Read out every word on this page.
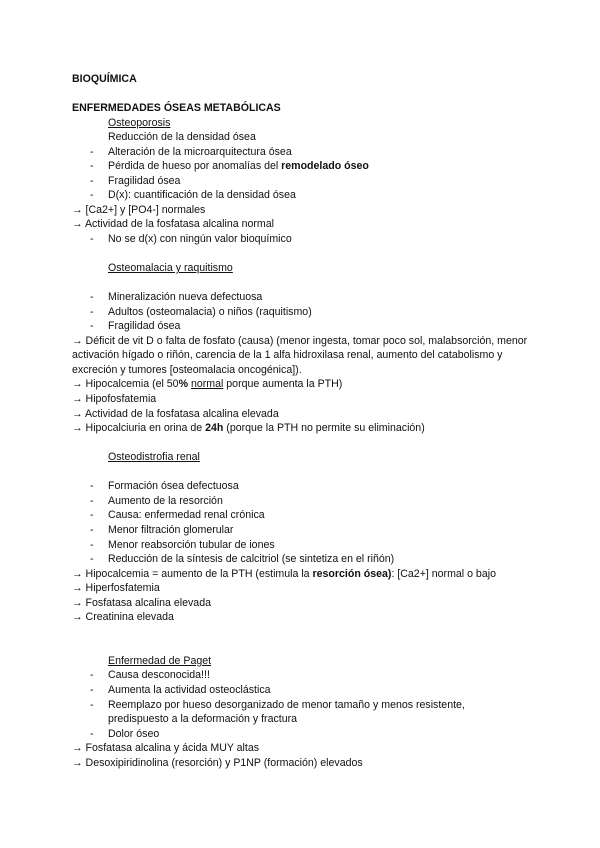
BIOQUÍMICA

ENFERMEDADES ÓSEAS METABÓLICAS

Osteoporosis

Reducción de la densidad ósea

- Alteración de la microarquitectura ósea

- Pérdida de hueso por anomalías del remodelado óseo

- Fragilidad ósea

- D(x): cuantificación de la densidad ósea

→ [Ca2+] y [PO4-] normales

→ Actividad de la fosfatasa alcalina normal

- No se d(x) con ningún valor bioquímico

Osteomalacia y raquitismo

- Mineralización nueva defectuosa

- Adultos (osteomalacia) o niños (raquitismo)

- Fragilidad ósea

→ Déficit de vit D o falta de fosfato (causa) (menor ingesta, tomar poco sol, malabsorción, menor activación hígado o riñón, carencia de la 1 alfa hidroxilasa renal, aumento del catabolismo y excreción y tumores [osteomalacia oncogénica]).

→ Hipocalcemia (el 50% normal porque aumenta la PTH)

→ Hipofosfatemia

→ Actividad de la fosfatasa alcalina elevada

→ Hipocalciuria en orina de 24h (porque la PTH no permite su eliminación)

Osteodistrofia renal

- Formación ósea defectuosa

- Aumento de la resorción

- Causa: enfermedad renal crónica

- Menor filtración glomerular

- Menor reabsorción tubular de iones

- Reducción de la síntesis de calcitriol (se sintetiza en el riñón)

→ Hipocalcemia = aumento de la PTH (estimula la resorción ósea): [Ca2+] normal o bajo

→ Hiperfosfatemia

→ Fosfatasa alcalina elevada

→ Creatinina elevada

Enfermedad de Paget

- Causa desconocida!!!

- Aumenta la actividad osteoclástica

- Reemplazo por hueso desorganizado de menor tamaño y menos resistente, predispuesto a la deformación y fractura

- Dolor óseo

→ Fosfatasa alcalina y ácida MUY altas

→ Desoxipiridinolina (resorción) y P1NP (formación) elevados
